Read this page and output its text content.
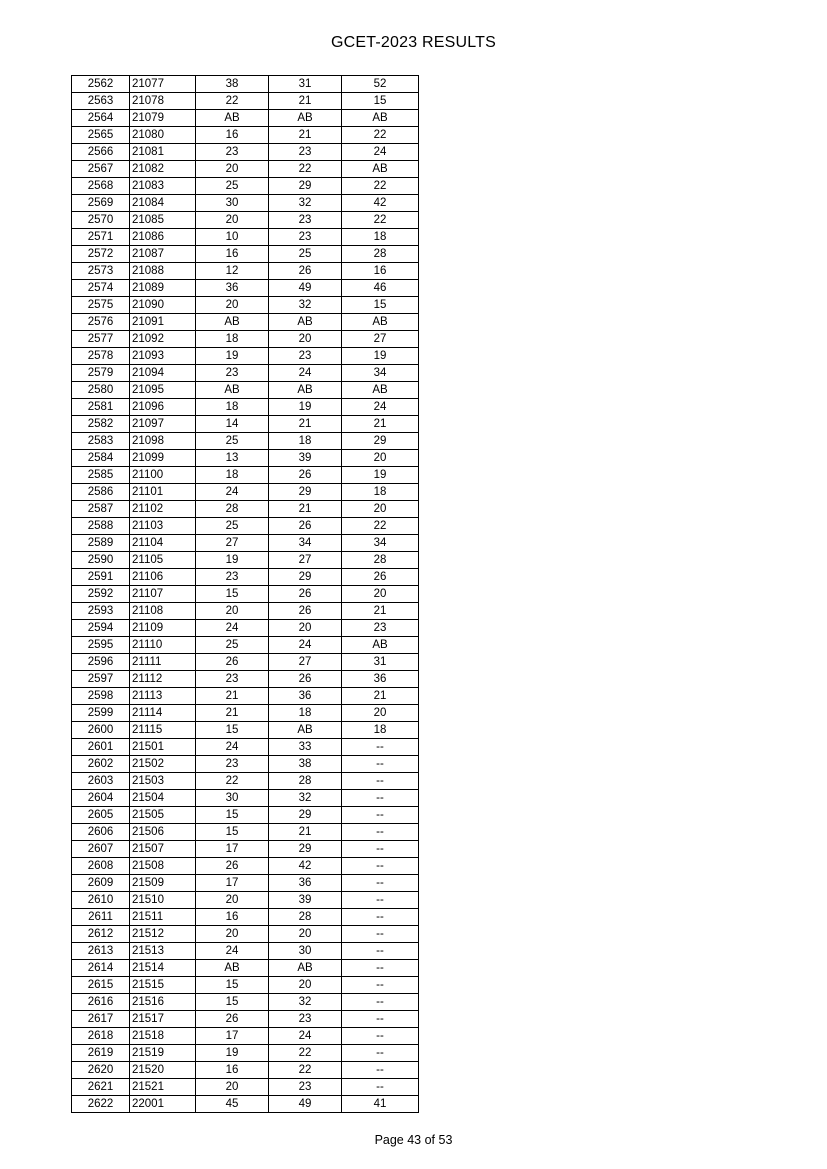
GCET-2023 RESULTS
2562	21077	38	31	52
2563	21078	22	21	15
2564	21079	AB	AB	AB
2565	21080	16	21	22
2566	21081	23	23	24
2567	21082	20	22	AB
2568	21083	25	29	22
2569	21084	30	32	42
2570	21085	20	23	22
2571	21086	10	23	18
2572	21087	16	25	28
2573	21088	12	26	16
2574	21089	36	49	46
2575	21090	20	32	15
2576	21091	AB	AB	AB
2577	21092	18	20	27
2578	21093	19	23	19
2579	21094	23	24	34
2580	21095	AB	AB	AB
2581	21096	18	19	24
2582	21097	14	21	21
2583	21098	25	18	29
2584	21099	13	39	20
2585	21100	18	26	19
2586	21101	24	29	18
2587	21102	28	21	20
2588	21103	25	26	22
2589	21104	27	34	34
2590	21105	19	27	28
2591	21106	23	29	26
2592	21107	15	26	20
2593	21108	20	26	21
2594	21109	24	20	23
2595	21110	25	24	AB
2596	21111	26	27	31
2597	21112	23	26	36
2598	21113	21	36	21
2599	21114	21	18	20
2600	21115	15	AB	18
2601	21501	24	33	--
2602	21502	23	38	--
2603	21503	22	28	--
2604	21504	30	32	--
2605	21505	15	29	--
2606	21506	15	21	--
2607	21507	17	29	--
2608	21508	26	42	--
2609	21509	17	36	--
2610	21510	20	39	--
2611	21511	16	28	--
2612	21512	20	20	--
2613	21513	24	30	--
2614	21514	AB	AB	--
2615	21515	15	20	--
2616	21516	15	32	--
2617	21517	26	23	--
2618	21518	17	24	--
2619	21519	19	22	--
2620	21520	16	22	--
2621	21521	20	23	--
2622	22001	45	49	41
Page 43 of 53
